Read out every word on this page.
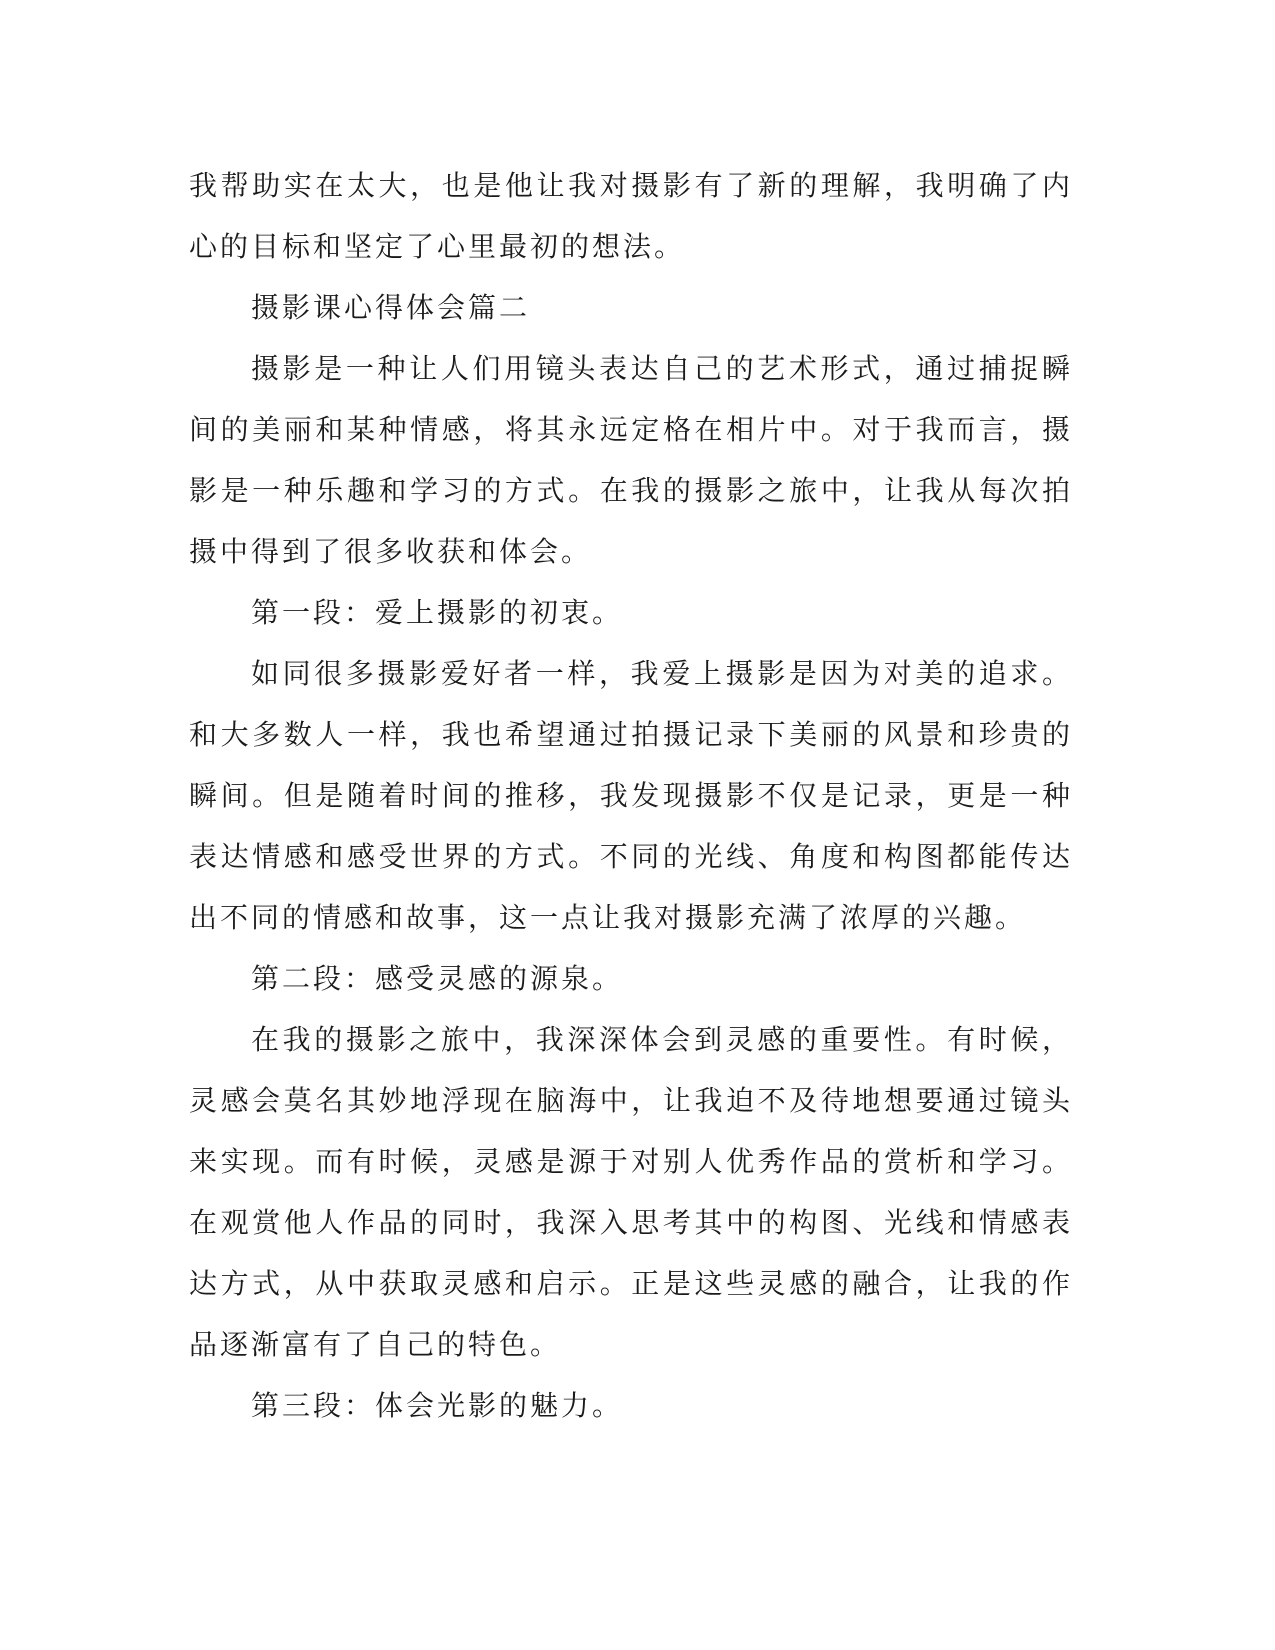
我帮助实在太大，也是他让我对摄影有了新的理解，我明确了内心的目标和坚定了心里最初的想法。

摄影课心得体会篇二

摄影是一种让人们用镜头表达自己的艺术形式，通过捕捉瞬间的美丽和某种情感，将其永远定格在相片中。对于我而言，摄影是一种乐趣和学习的方式。在我的摄影之旅中，让我从每次拍摄中得到了很多收获和体会。

第一段：爱上摄影的初衷。

如同很多摄影爱好者一样，我爱上摄影是因为对美的追求。和大多数人一样，我也希望通过拍摄记录下美丽的风景和珍贵的瞬间。但是随着时间的推移，我发现摄影不仅是记录，更是一种表达情感和感受世界的方式。不同的光线、角度和构图都能传达出不同的情感和故事，这一点让我对摄影充满了浓厚的兴趣。

第二段：感受灵感的源泉。

在我的摄影之旅中，我深深体会到灵感的重要性。有时候，灵感会莫名其妙地浮现在脑海中，让我迫不及待地想要通过镜头来实现。而有时候，灵感是源于对别人优秀作品的赏析和学习。在观赏他人作品的同时，我深入思考其中的构图、光线和情感表达方式，从中获取灵感和启示。正是这些灵感的融合，让我的作品逐渐富有了自己的特色。

第三段：体会光影的魅力。
